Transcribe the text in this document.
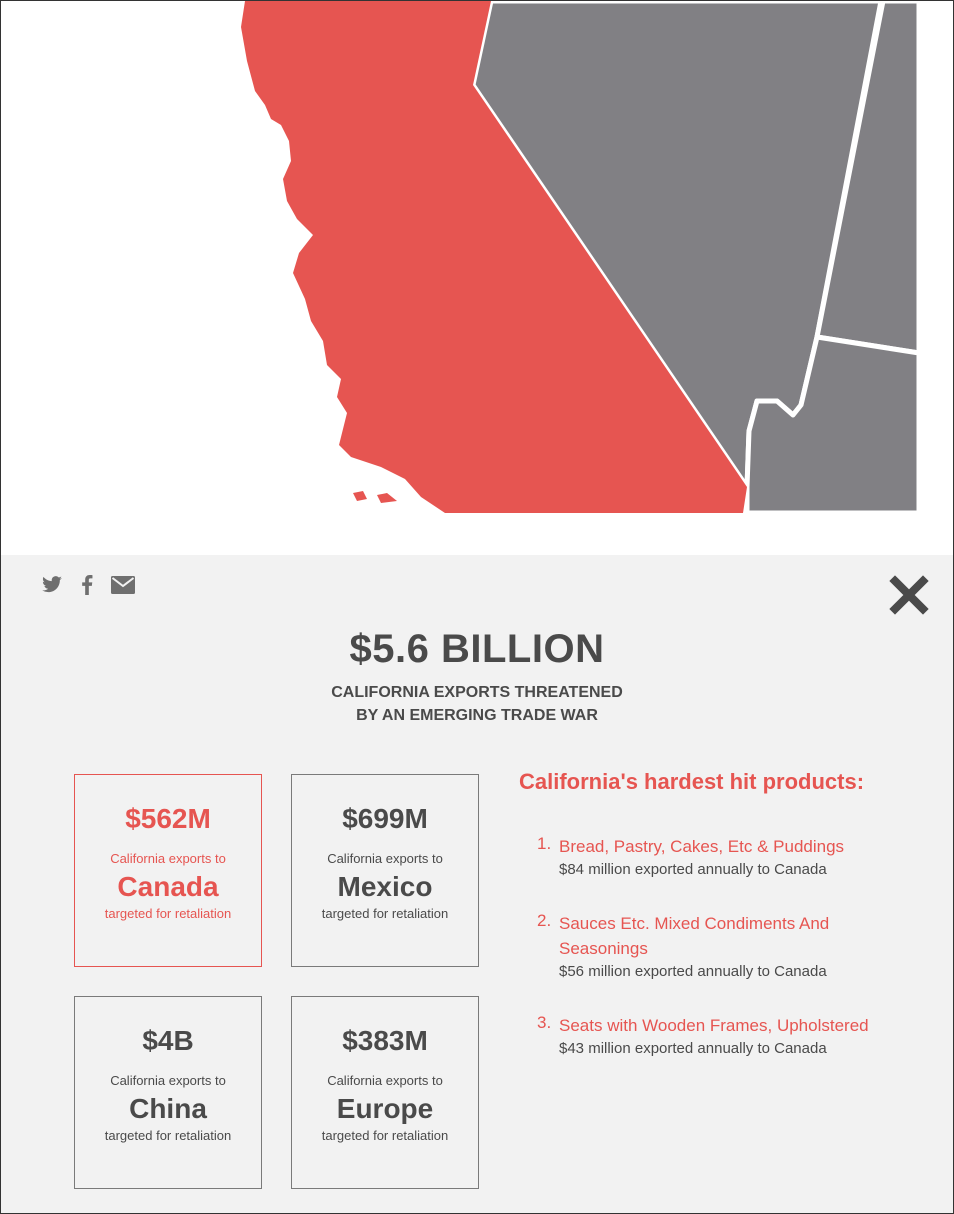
$5.6 BILLION
CALIFORNIA EXPORTS THREATENED
BY AN EMERGING TRADE WAR
$562M
California exports to
Canada
targeted for retaliation
$699M
California exports to
Mexico
targeted for retaliation
$4B
California exports to
China
targeted for retaliation
$383M
California exports to
Europe
targeted for retaliation
California's hardest hit products:
1. Bread, Pastry, Cakes, Etc & Puddings
$84 million exported annually to Canada
2. Sauces Etc. Mixed Condiments And Seasonings
$56 million exported annually to Canada
3. Seats with Wooden Frames, Upholstered
$43 million exported annually to Canada
